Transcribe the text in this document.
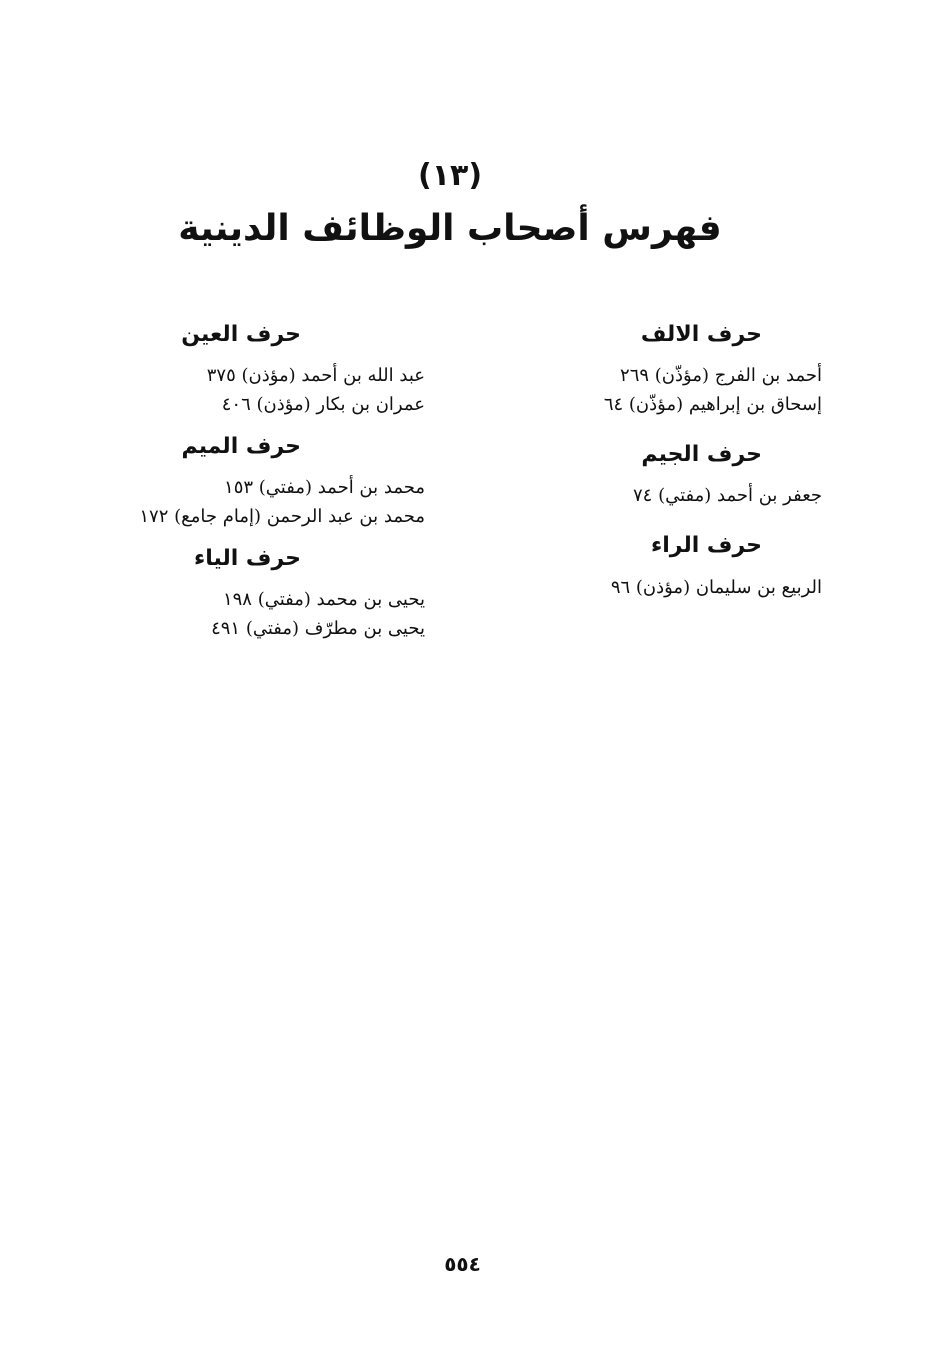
(١٣)
فهرس أصحاب الوظائف الدينية
حرف الالف
أحمد بن الفرج (مؤذّن) ٢٦٩
إسحاق بن إبراهيم (مؤذّن) ٦٤
حرف الجيم
جعفر بن أحمد (مفتي) ٧٤
حرف الراء
الربيع بن سليمان (مؤذن) ٩٦
حرف العين
عبد الله بن أحمد (مؤذن) ٣٧٥
عمران بن بكار (مؤذن) ٤٠٦
حرف الميم
محمد بن أحمد (مفتي) ١٥٣
محمد بن عبد الرحمن (إمام جامع) ١٧٢
حرف الياء
يحيى بن محمد (مفتي) ١٩٨
يحيى بن مطرّف (مفتي) ٤٩١
٥٥٤
